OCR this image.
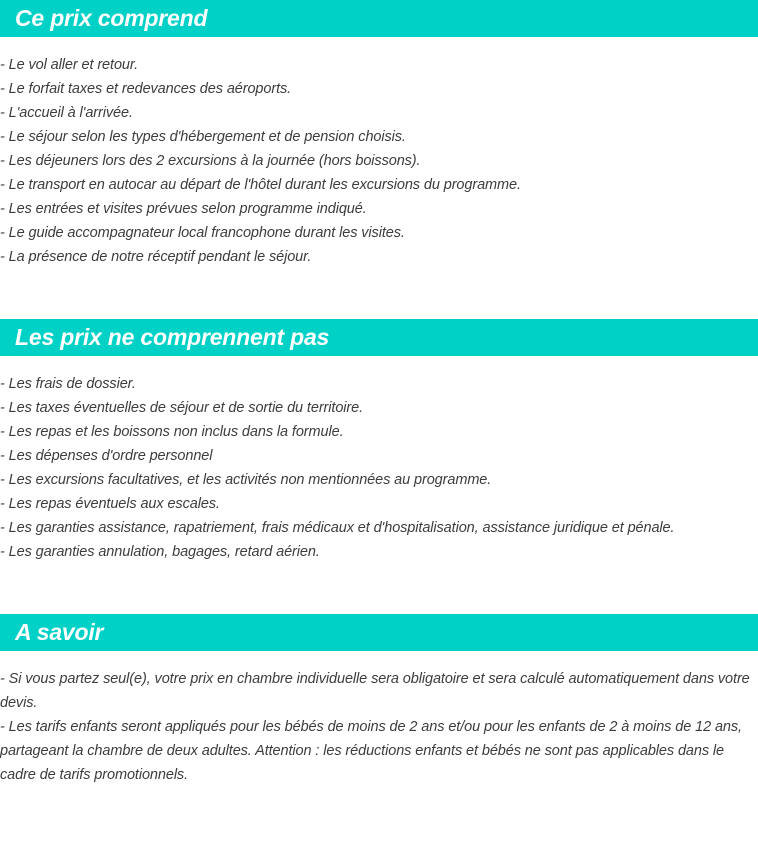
Ce prix comprend
- Le vol aller et retour.
- Le forfait taxes et redevances des aéroports.
- L'accueil à l'arrivée.
- Le séjour selon les types d'hébergement et de pension choisis.
- Les déjeuners lors des 2 excursions à la journée (hors boissons).
- Le transport en autocar au départ de l'hôtel durant les excursions du programme.
- Les entrées et visites prévues selon programme indiqué.
- Le guide accompagnateur local francophone durant les visites.
- La présence de notre réceptif pendant le séjour.
Les prix ne comprennent pas
- Les frais de dossier.
- Les taxes éventuelles de séjour et de sortie du territoire.
- Les repas et les boissons non inclus dans la formule.
- Les dépenses d'ordre personnel
- Les excursions facultatives, et les activités non mentionnées au programme.
- Les repas éventuels aux escales.
- Les garanties assistance, rapatriement, frais médicaux et d'hospitalisation, assistance juridique et pénale.
- Les garanties annulation, bagages, retard aérien.
A savoir

- Si vous partez seul(e), votre prix en chambre individuelle sera obligatoire et sera calculé automatiquement dans votre devis.

- Les tarifs enfants seront appliqués pour les bébés de moins de 2 ans et/ou pour les enfants de 2 à moins de 12 ans, partageant la chambre de deux adultes. Attention : les réductions enfants et bébés ne sont pas applicables dans le cadre de tarifs promotionnels.
